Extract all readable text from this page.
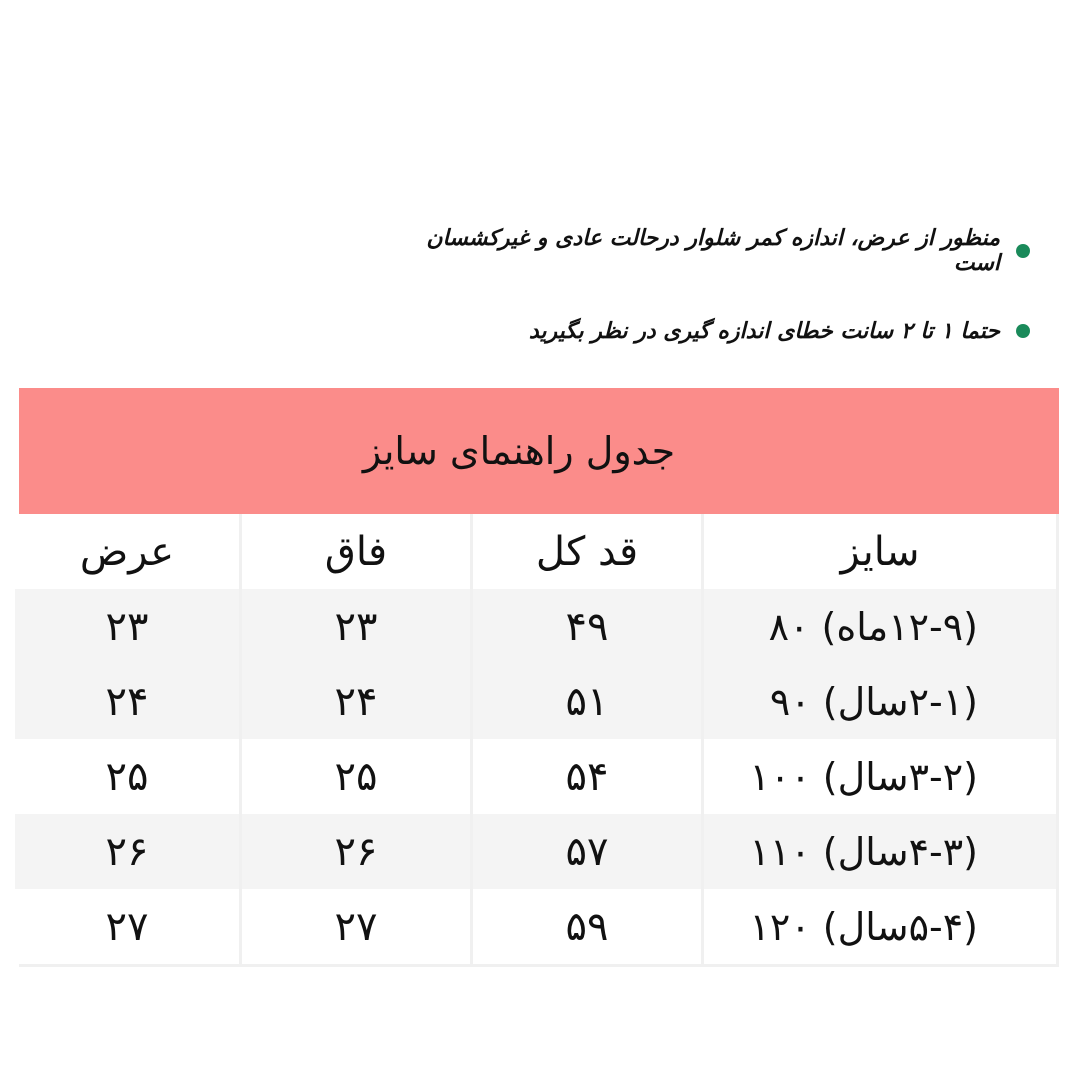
منظور از عرض، اندازه کمر شلوار درحالت عادی و غیرکشسان است
حتما ۱ تا ۲ سانت خطای اندازه گیری در نظر بگیرید
جدول راهنمای سایز
سایز
قد کل
فاق
عرض
(۱۲-۹ماه) ۸۰
۴۹
۲۳
۲۳
(۲-۱سال) ۹۰
۵۱
۲۴
۲۴
(۳-۲سال) ۱۰۰
۵۴
۲۵
۲۵
(۴-۳سال) ۱۱۰
۵۷
۲۶
۲۶
(۵-۴سال) ۱۲۰
۵۹
۲۷
۲۷
